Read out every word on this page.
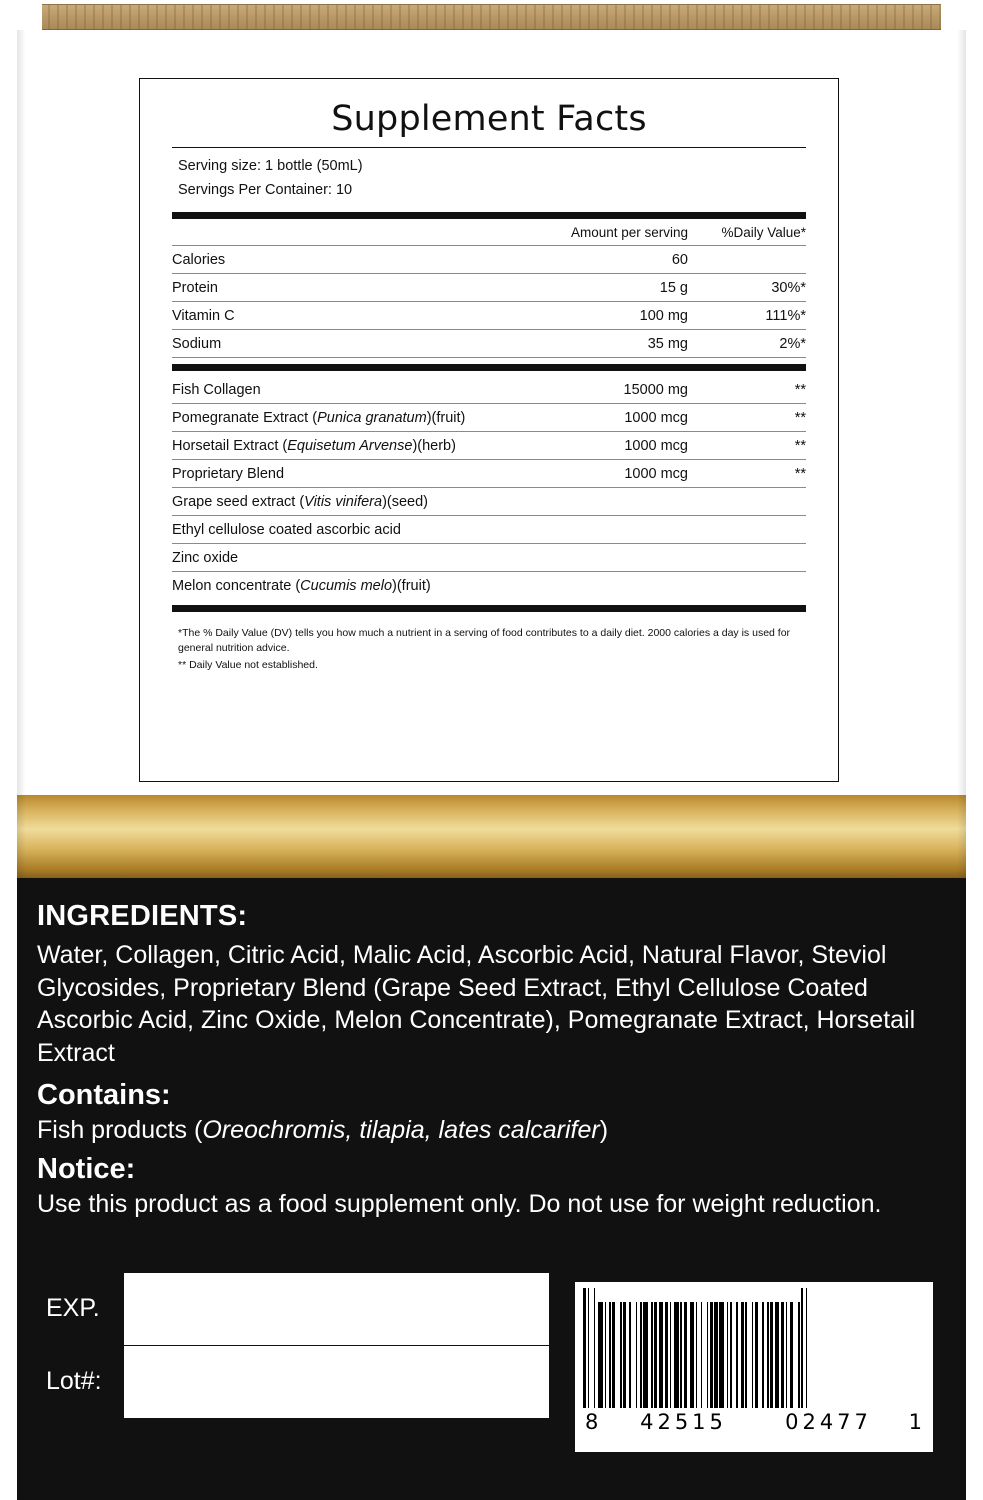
Supplement Facts
Serving size: 1 bottle (50mL)
Servings Per Container: 10
	Amount per serving	%Daily Value*
Calories	60	
Protein	15 g	30%*
Vitamin C	100 mg	111%*
Sodium	35 mg	2%*

Fish Collagen	15000 mg	**
Pomegranate Extract (Punica granatum)(fruit)	1000 mcg	**
Horsetail Extract (Equisetum Arvense)(herb)	1000 mcg	**
Proprietary Blend	1000 mcg	**
Grape seed extract (Vitis vinifera)(seed)		
Ethyl cellulose coated ascorbic acid		
Zinc oxide		
Melon concentrate (Cucumis melo)(fruit)		

*The % Daily Value (DV) tells you how much a nutrient in a serving of food contributes to a daily diet. 2000 calories a day is used for general nutrition advice.
** Daily Value not established.
INGREDIENTS:
Water, Collagen, Citric Acid, Malic Acid, Ascorbic Acid, Natural Flavor, Steviol Glycosides, Proprietary Blend (Grape Seed Extract, Ethyl Cellulose Coated Ascorbic Acid, Zinc Oxide, Melon Concentrate), Pomegranate Extract, Horsetail Extract
Contains:
Fish products (Oreochromis, tilapia, lates calcarifer)
Notice:
Use this product as a food supplement only. Do not use for weight reduction.
EXP.
Lot#:
8	42515	02477	1
